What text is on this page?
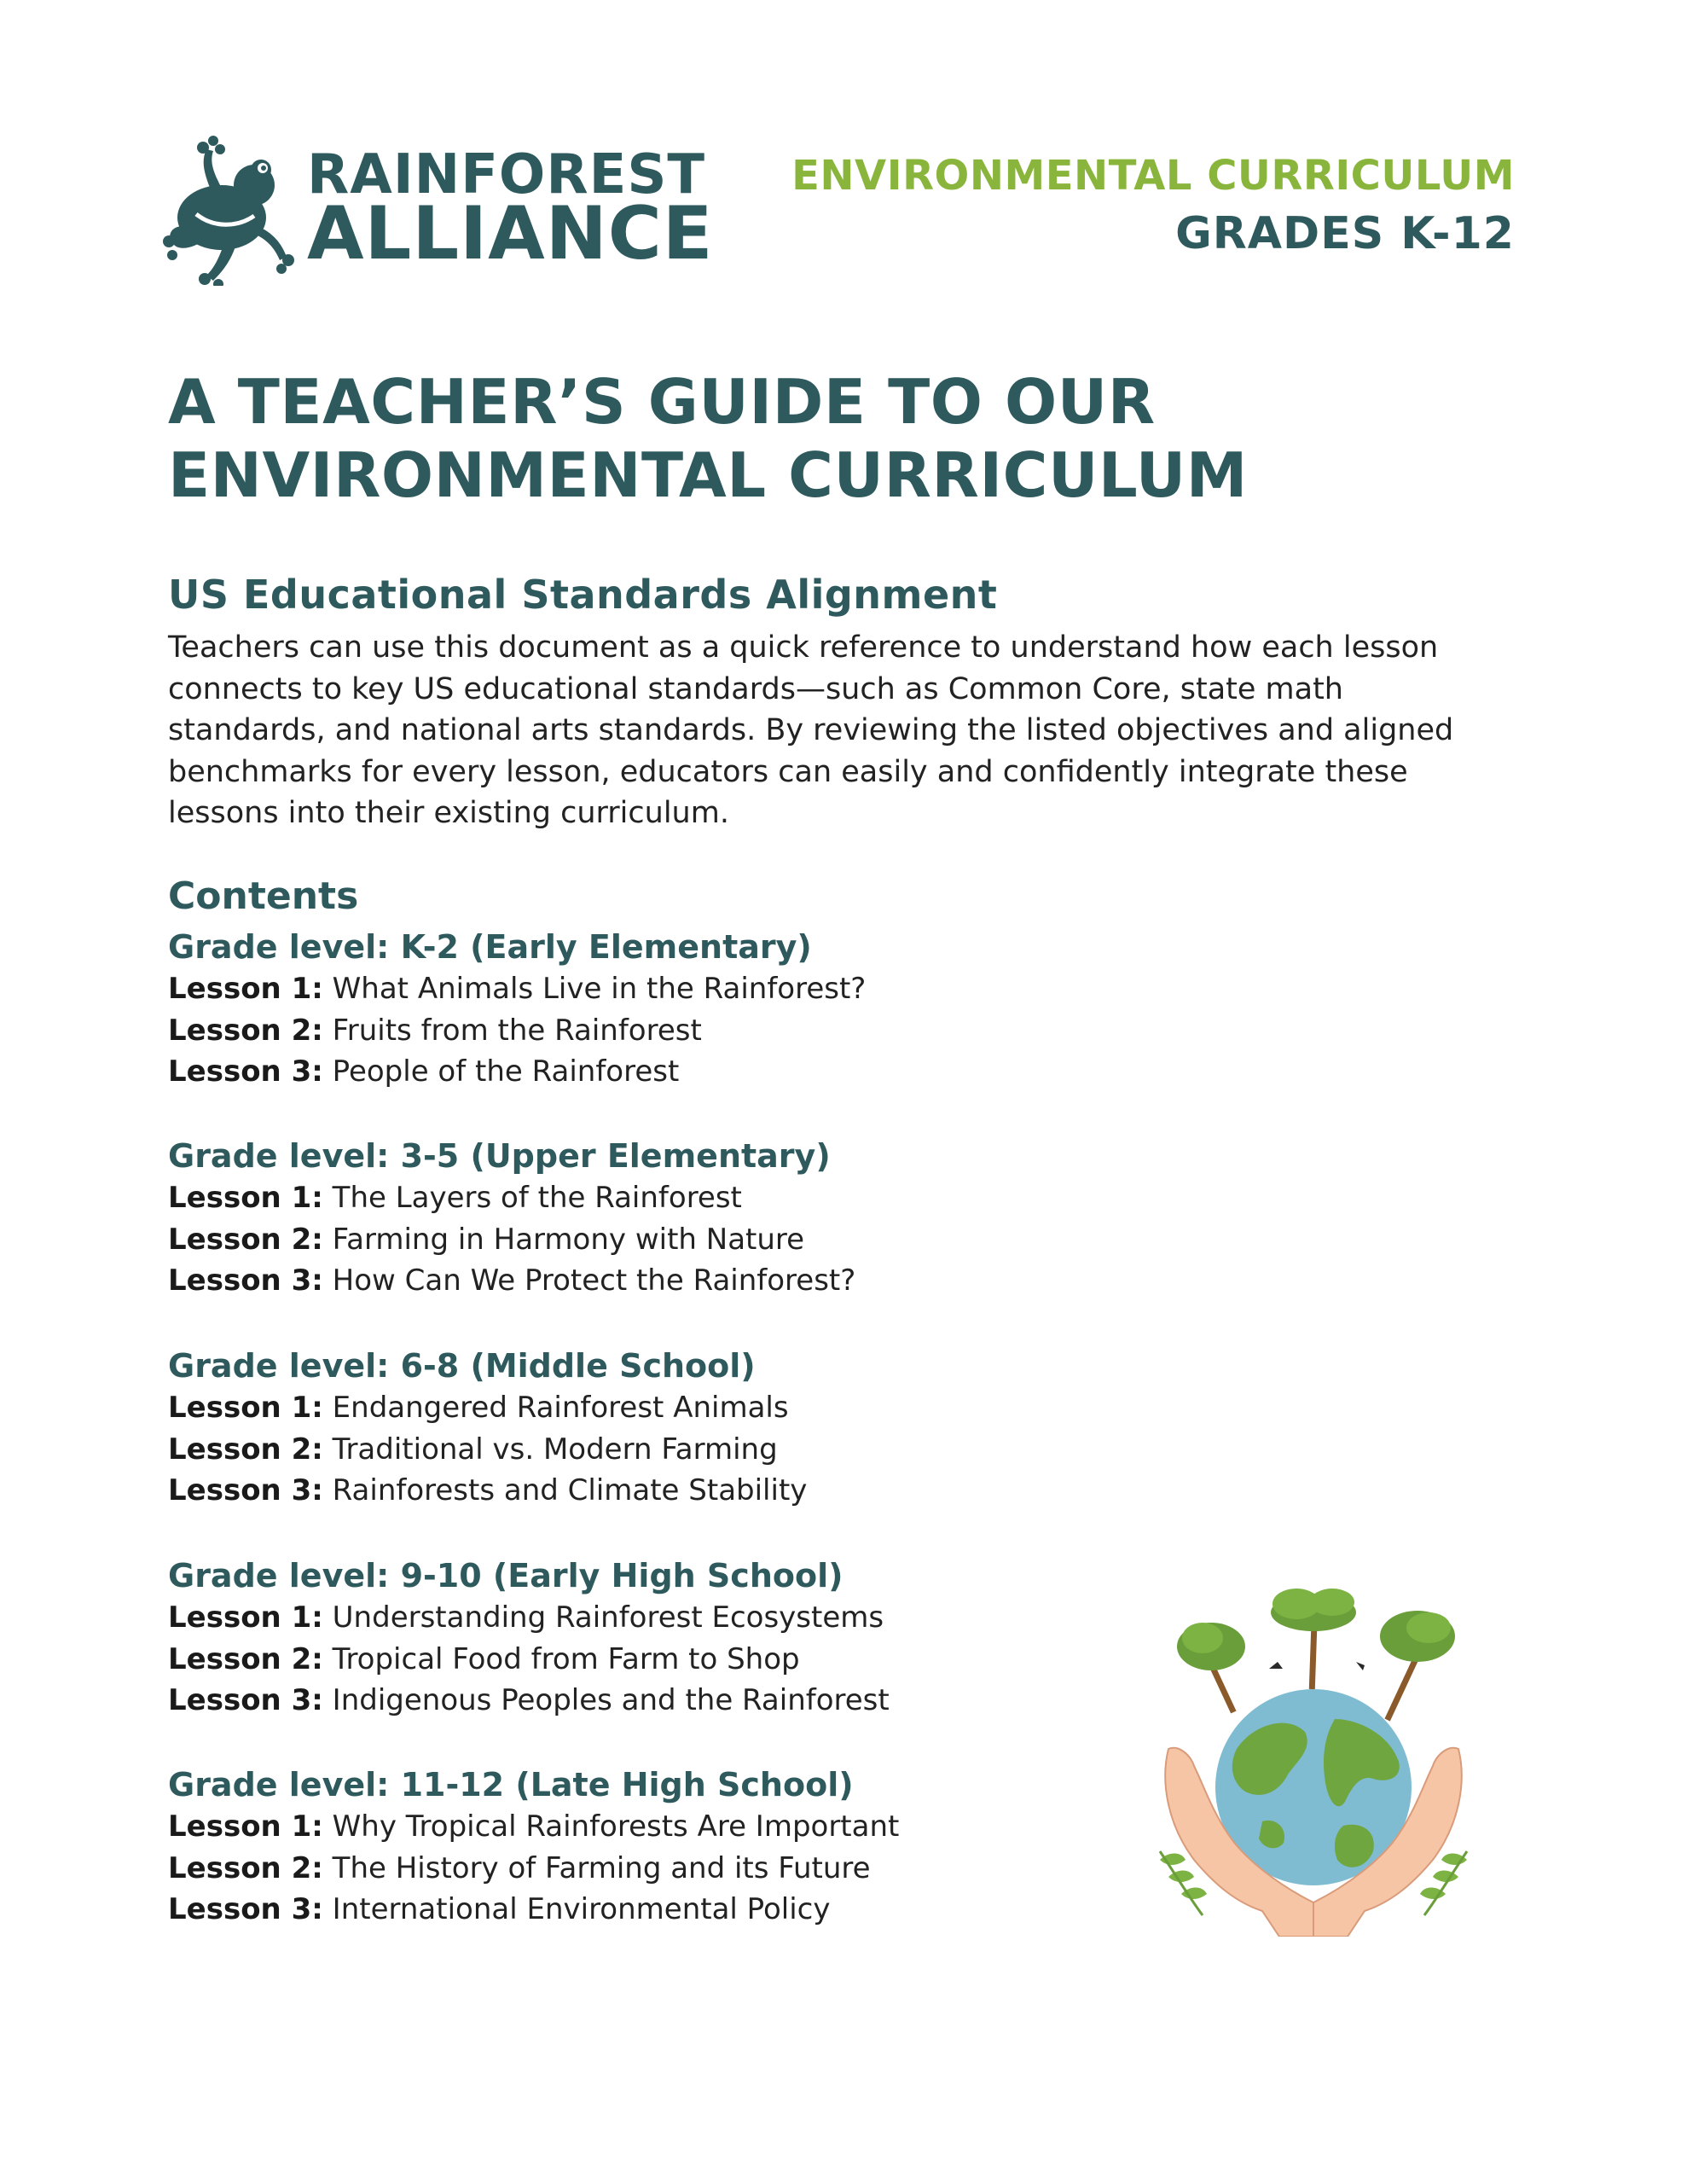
RAINFOREST
ALLIANCE
ENVIRONMENTAL CURRICULUM
GRADES K-12
A TEACHER’S GUIDE TO OUR ENVIRONMENTAL CURRICULUM
US Educational Standards Alignment
Teachers can use this document as a quick reference to understand how each lesson connects to key US educational standards—such as Common Core, state math standards, and national arts standards. By reviewing the listed objectives and aligned benchmarks for every lesson, educators can easily and confidently integrate these lessons into their existing curriculum.
Contents
Grade level: K-2 (Early Elementary)
Lesson 1: What Animals Live in the Rainforest?
Lesson 2: Fruits from the Rainforest
Lesson 3: People of the Rainforest
Grade level: 3-5 (Upper Elementary)
Lesson 1: The Layers of the Rainforest
Lesson 2: Farming in Harmony with Nature
Lesson 3: How Can We Protect the Rainforest?
Grade level: 6-8 (Middle School)
Lesson 1: Endangered Rainforest Animals
Lesson 2: Traditional vs. Modern Farming
Lesson 3: Rainforests and Climate Stability
Grade level: 9-10 (Early High School)
Lesson 1: Understanding Rainforest Ecosystems
Lesson 2: Tropical Food from Farm to Shop
Lesson 3: Indigenous Peoples and the Rainforest
Grade level: 11-12 (Late High School)
Lesson 1: Why Tropical Rainforests Are Important
Lesson 2: The History of Farming and its Future
Lesson 3: International Environmental Policy
